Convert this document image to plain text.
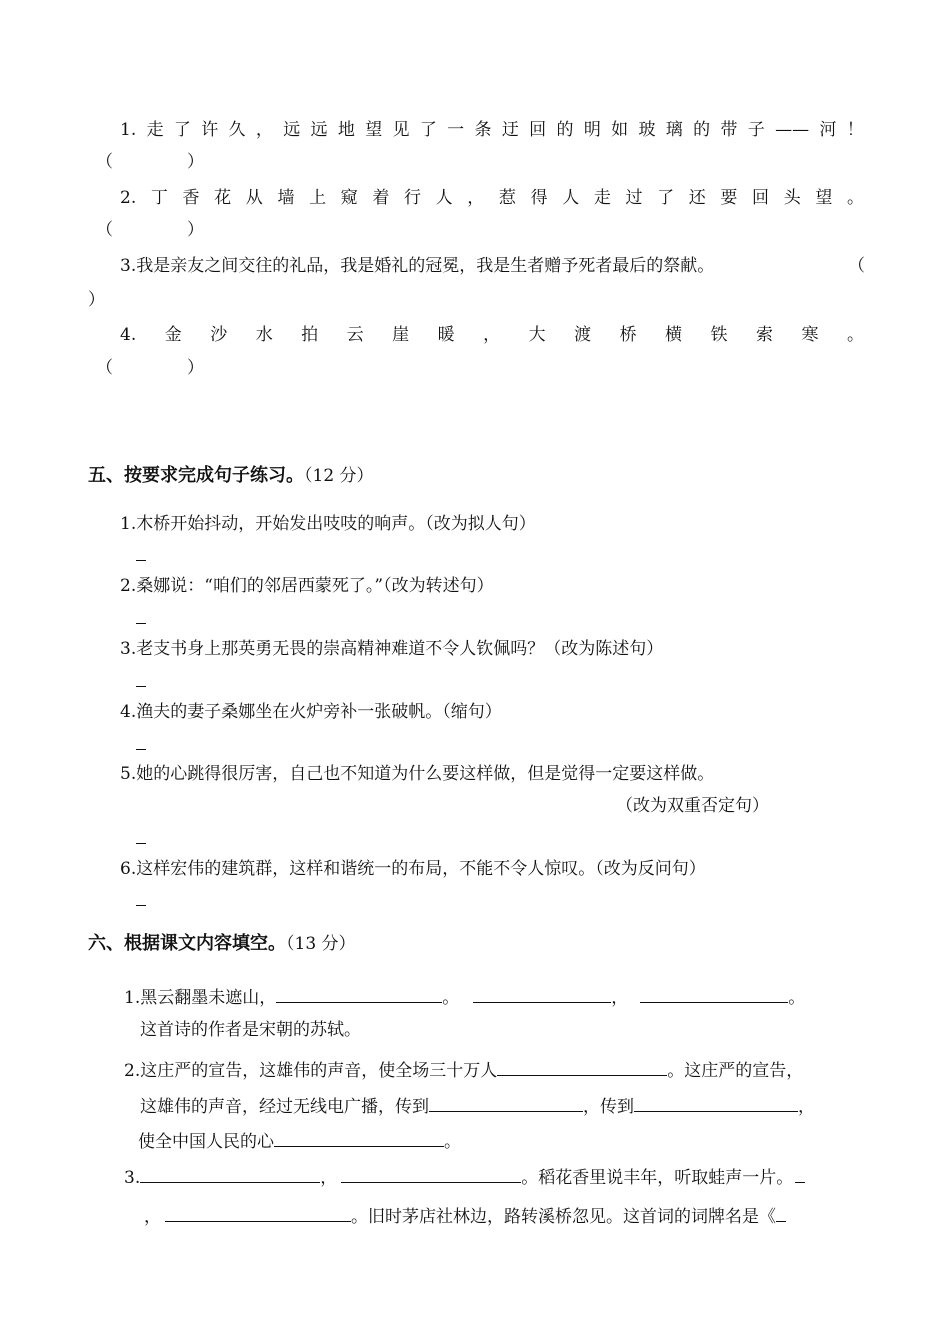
1. 走 了 许 久 ， 远 远 地 望 见 了 一 条 迂 回 的 明 如 玻 璃 的 带 子 —— 河 ！
（	）
2. 丁 香 花 从 墙 上 窥 着 行 人 ， 惹 得 人 走 过 了 还 要 回 头 望 。
（	）
3.我是亲友之间交往的礼品，我是婚礼的冠冕，我是生者赠予死者最后的祭献。	（
）
4. 金 沙 水 拍 云 崖 暖 ， 大 渡 桥 横 铁 索 寒 。
（	）
五、按要求完成句子练习。（12 分）
1.木桥开始抖动，开始发出吱吱的响声。（改为拟人句）
2.桑娜说：“咱们的邻居西蒙死了。”（改为转述句）
3.老支书身上那英勇无畏的崇高精神难道不令人钦佩吗？（改为陈述句）
4.渔夫的妻子桑娜坐在火炉旁补一张破帆。（缩句）
5.她的心跳得很厉害，自己也不知道为什么要这样做，但是觉得一定要这样做。
（改为双重否定句）
6.这样宏伟的建筑群，这样和谐统一的布局，不能不令人惊叹。（改为反问句）
六、根据课文内容填空。（13 分）
1.黑云翻墨未遮山，	。	，	。
这首诗的作者是宋朝的苏轼。
2.这庄严的宣告，这雄伟的声音，使全场三十万人	。这庄严的宣告，
这雄伟的声音，经过无线电广播，传到	，传到	，
使全中国人民的心	。
3.	，	。稻花香里说丰年，听取蛙声一片。
，	。旧时茅店社林边，路转溪桥忽见。这首词的词牌名是《
